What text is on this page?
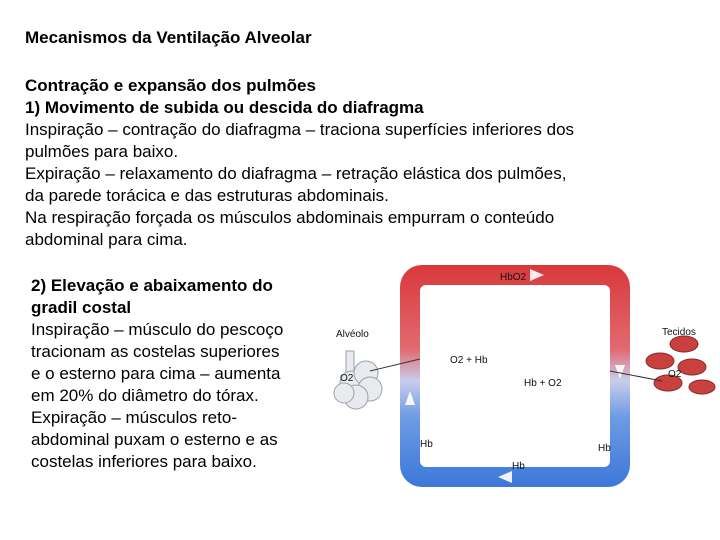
Mecanismos da Ventilação Alveolar
Contração e expansão dos pulmões
1) Movimento de subida ou descida do diafragma
Inspiração – contração do diafragma – traciona superfícies inferiores dos
pulmões para baixo.
Expiração – relaxamento do diafragma – retração elástica dos pulmões,
da parede torácica e das estruturas abdominais.
Na respiração forçada os músculos abdominais empurram o conteúdo
abdominal para cima.
2) Elevação e abaixamento do
gradil costal
Inspiração – músculo do pescoço
tracionam as costelas superiores
e o esterno para cima – aumenta
em 20% do diâmetro do tórax.
Expiração – músculos reto-
abdominal puxam o esterno e as
costelas inferiores para baixo.
HbO2
Alvéolo
O2
O2 + Hb
Hb + O2
Tecidos
O2
Hb	Hb
Hb
